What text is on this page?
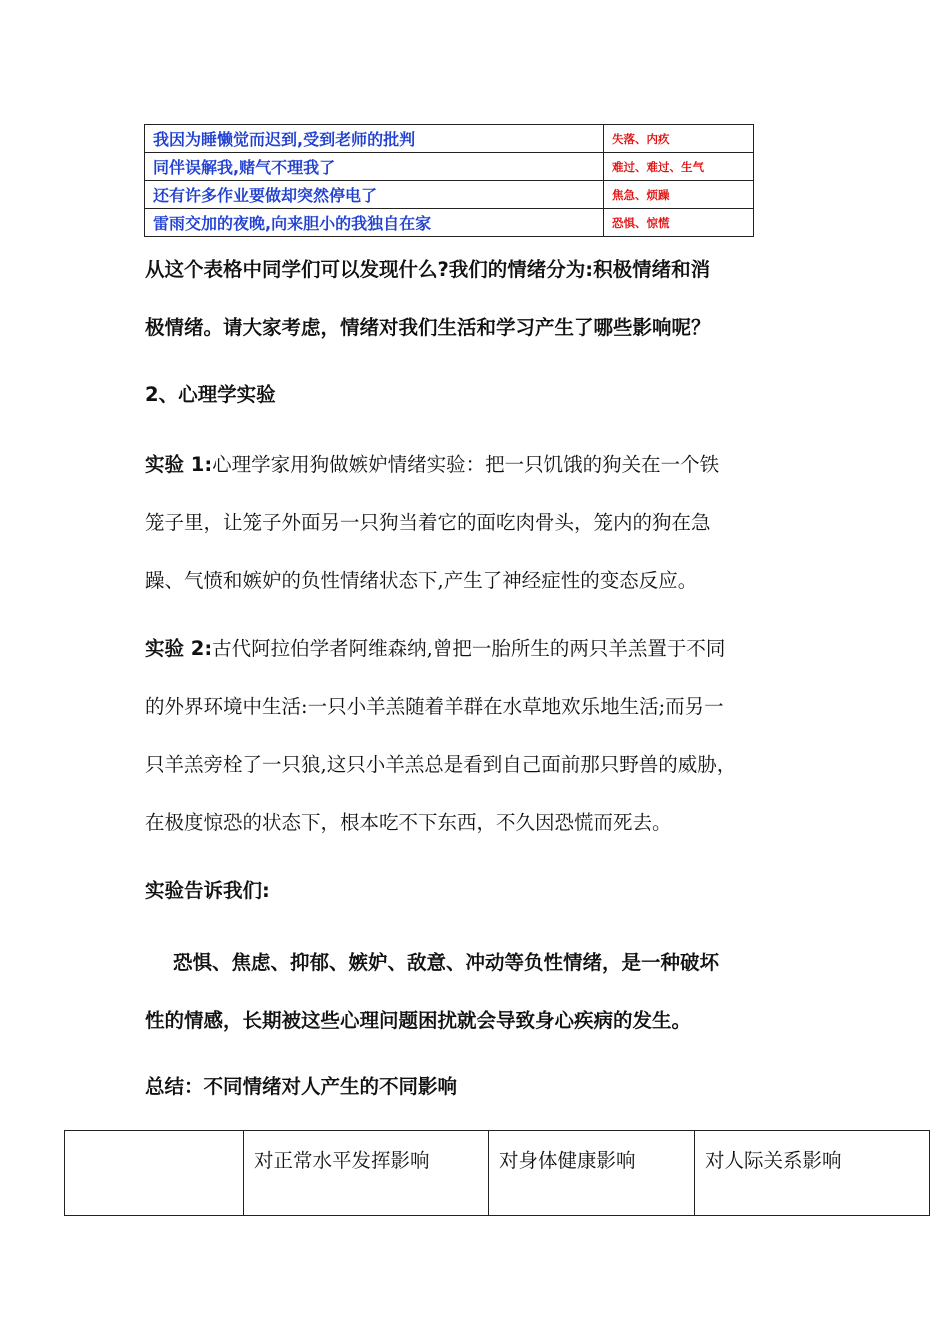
我因为睡懒觉而迟到,受到老师的批判	失落、内疚
同伴误解我,赌气不理我了	难过、难过、生气
还有许多作业要做却突然停电了	焦急、烦躁
雷雨交加的夜晚,向来胆小的我独自在家	恐惧、惊慌

从这个表格中同学们可以发现什么?我们的情绪分为:积极情绪和消
极情绪。请大家考虑，情绪对我们生活和学习产生了哪些影响呢？

2、心理学实验

实验 1:心理学家用狗做嫉妒情绪实验：把一只饥饿的狗关在一个铁
笼子里，让笼子外面另一只狗当着它的面吃肉骨头，笼内的狗在急
躁、气愤和嫉妒的负性情绪状态下,产生了神经症性的变态反应。

实验 2:古代阿拉伯学者阿维森纳,曾把一胎所生的两只羊羔置于不同
的外界环境中生活:一只小羊羔随着羊群在水草地欢乐地生活;而另一
只羊羔旁栓了一只狼,这只小羊羔总是看到自己面前那只野兽的威胁，
在极度惊恐的状态下，根本吃不下东西，不久因恐慌而死去。

实验告诉我们:

恐惧、焦虑、抑郁、嫉妒、敌意、冲动等负性情绪，是一种破坏
性的情感，长期被这些心理问题困扰就会导致身心疾病的发生。

总结：不同情绪对人产生的不同影响

	对正常水平发挥影响	对身体健康影响	对人际关系影响
